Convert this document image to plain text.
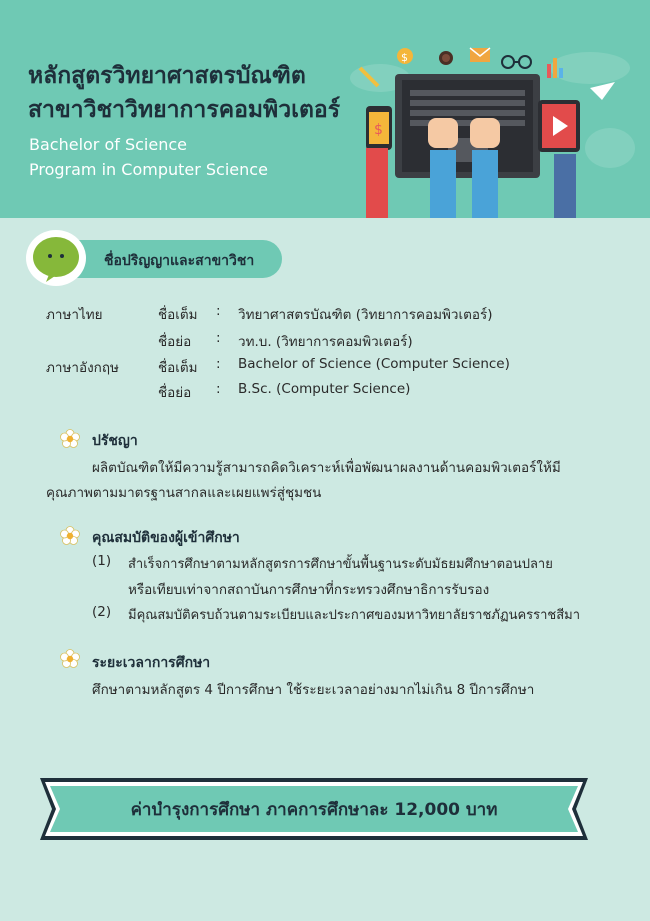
หลักสูตรวิทยาศาสตรบัณฑิต
สาขาวิชาวิทยาการคอมพิวเตอร์
Bachelor of Science
Program in Computer Science
$
$
ชื่อปริญญาและสาขาวิชา
ภาษาไทย	ชื่อเต็ม : วิทยาศาสตรบัณฑิต (วิทยาการคอมพิวเตอร์)
ชื่อย่อ : วท.บ. (วิทยาการคอมพิวเตอร์)
ภาษาอังกฤษ	ชื่อเต็ม : Bachelor of Science (Computer Science)
ชื่อย่อ : B.Sc. (Computer Science)
ปรัชญา
ผลิตบัณฑิตให้มีความรู้สามารถคิดวิเคราะห์เพื่อพัฒนาผลงานด้านคอมพิวเตอร์ให้มี
คุณภาพตามมาตรฐานสากลและเผยแพร่สู่ชุมชน
คุณสมบัติของผู้เข้าศึกษา
(1) สำเร็จการศึกษาตามหลักสูตรการศึกษาขั้นพื้นฐานระดับมัธยมศึกษาตอนปลาย
หรือเทียบเท่าจากสถาบันการศึกษาที่กระทรวงศึกษาธิการรับรอง
(2) มีคุณสมบัติครบถ้วนตามระเบียบและประกาศของมหาวิทยาลัยราชภัฏนครราชสีมา
ระยะเวลาการศึกษา
ศึกษาตามหลักสูตร 4 ปีการศึกษา ใช้ระยะเวลาอย่างมากไม่เกิน 8 ปีการศึกษา
ค่าบำรุงการศึกษา ภาคการศึกษาละ 12,000 บาท
